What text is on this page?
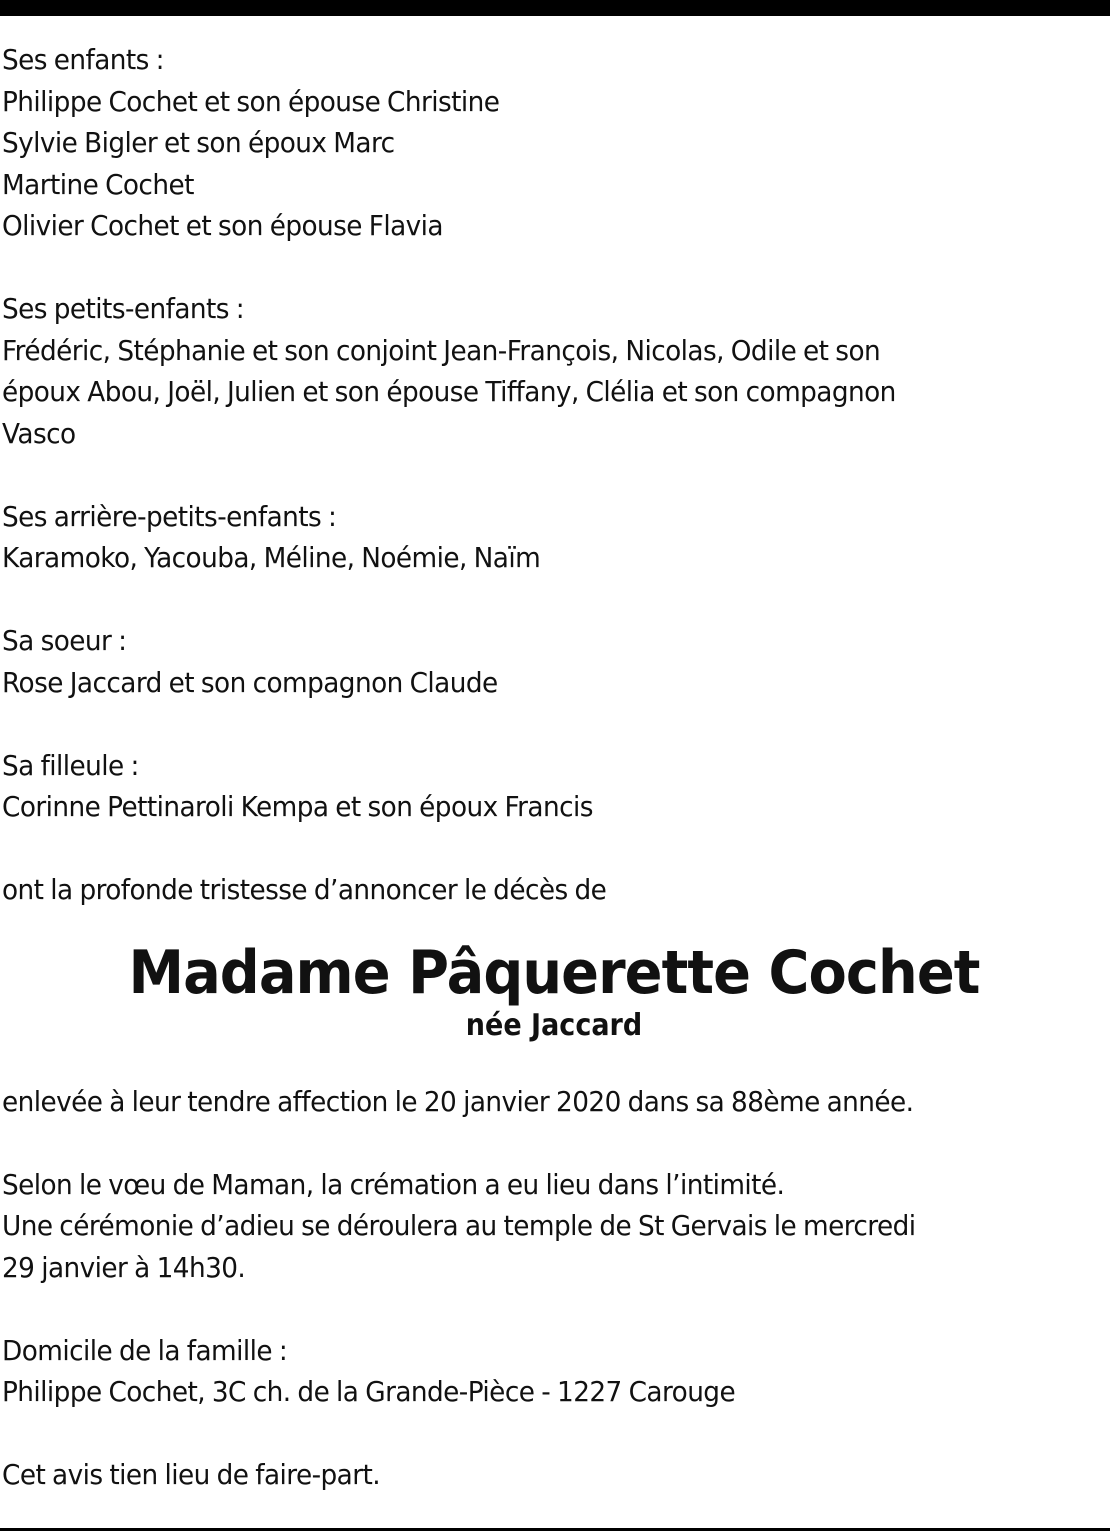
Ses enfants :
Philippe Cochet et son épouse Christine
Sylvie Bigler et son époux Marc
Martine Cochet
Olivier Cochet et son épouse Flavia
Ses petits-enfants :
Frédéric, Stéphanie et son conjoint Jean-François, Nicolas, Odile et son
époux Abou, Joël, Julien et son épouse Tiffany, Clélia et son compagnon
Vasco
Ses arrière-petits-enfants :
Karamoko, Yacouba, Méline, Noémie, Naïm
Sa soeur :
Rose Jaccard et son compagnon Claude
Sa filleule :
Corinne Pettinaroli Kempa et son époux Francis
ont la profonde tristesse d’annoncer le décès de
Madame Pâquerette Cochet
née Jaccard
enlevée à leur tendre affection le 20 janvier 2020 dans sa 88ème année.
Selon le vœu de Maman, la crémation a eu lieu dans l’intimité.
Une cérémonie d’adieu se déroulera au temple de St Gervais le mercredi
29 janvier à 14h30.
Domicile de la famille :
Philippe Cochet, 3C ch. de la Grande-Pièce - 1227 Carouge
Cet avis tien lieu de faire-part.
